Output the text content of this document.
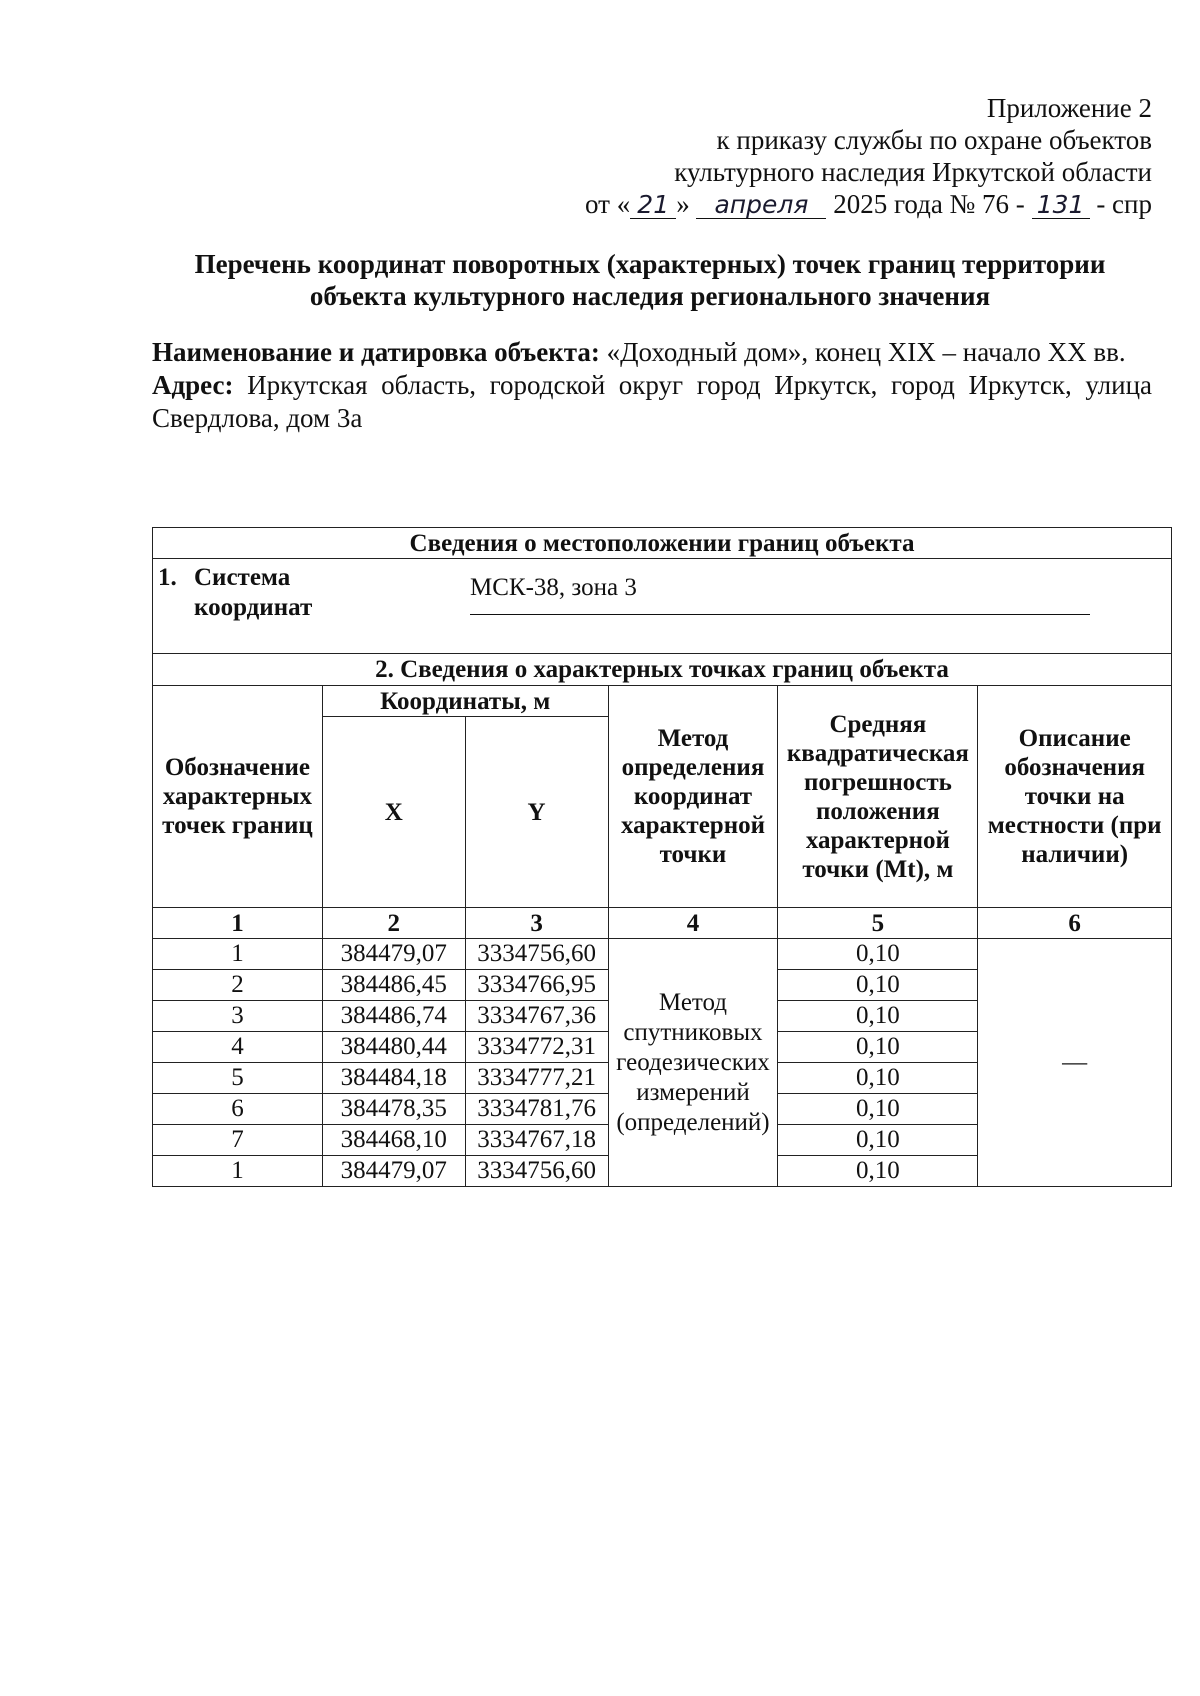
Приложение 2
к приказу службы по охране объектов
культурного наследия Иркутской области
от « 21 » апреля 2025 года № 76 - 131 - спр
Перечень координат поворотных (характерных) точек границ территории
объекта культурного наследия регионального значения

Наименование и датировка объекта: «Доходный дом», конец XIX – начало XX вв.

Адрес: Иркутская область, городской округ город Иркутск, город Иркутск, улица Свердлова, дом 3а

Сведения о местоположении границ объекта					

1. Система
координат
МСК-38, зона 3					

2. Сведения о характерных точках границ объекта					
Обозначение характерных точек границ	Координаты, м		Метод определения координат характерной точки	Средняя квадратическая погрешность положения характерной точки (Mt), м	Описание обозначения точки на местности (при наличии)
	X	Y			
1	2	3	4	5	6
1	384479,07	3334756,60	Метод спутниковых геодезических измерений (определений)	0,10	—
2	384486,45	3334766,95		0,10	
3	384486,74	3334767,36		0,10	
4	384480,44	3334772,31		0,10	
5	384484,18	3334777,21		0,10	
6	384478,35	3334781,76		0,10	
7	384468,10	3334767,18		0,10	
1	384479,07	3334756,60		0,10	
